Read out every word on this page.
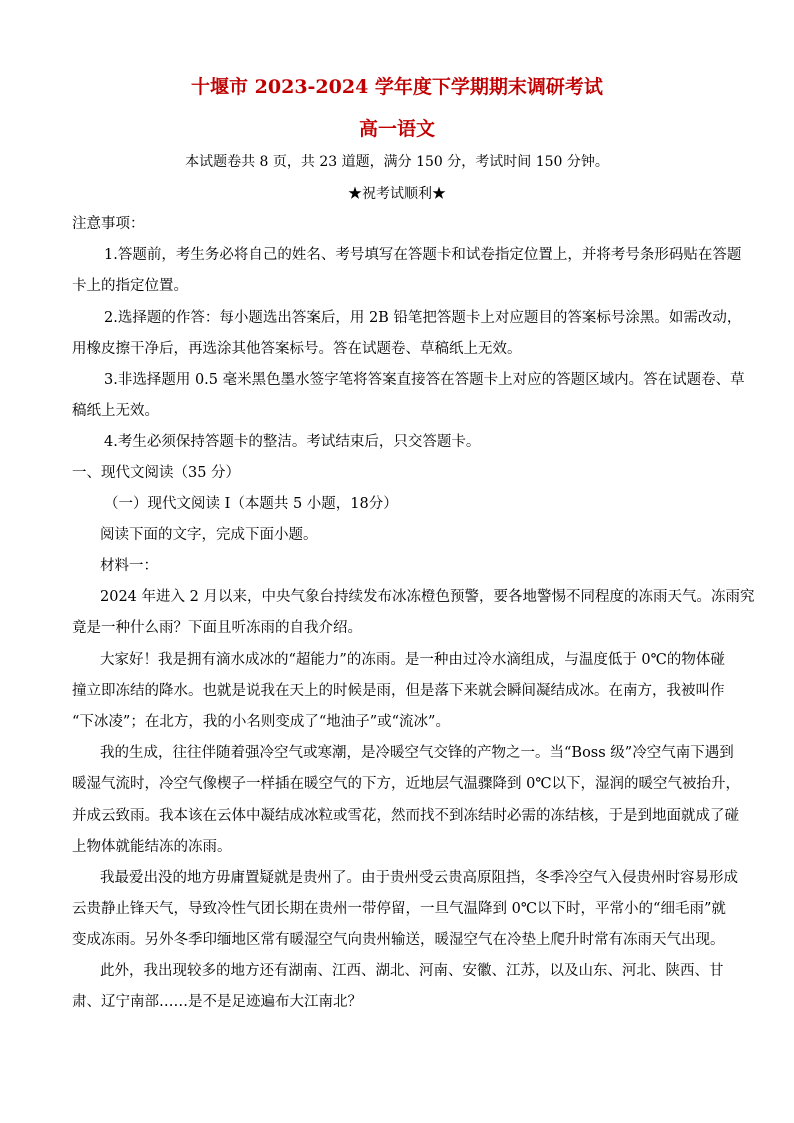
十堰市 2023-2024 学年度下学期期末调研考试
高一语文
本试题卷共 8 页，共 23 道题，满分 150 分，考试时间 150 分钟。
★祝考试顺利★
注意事项：
1.答题前，考生务必将自己的姓名、考号填写在答题卡和试卷指定位置上，并将考号条形码贴在答题
卡上的指定位置。
2.选择题的作答：每小题选出答案后，用 2B 铅笔把答题卡上对应题目的答案标号涂黑。如需改动，
用橡皮擦干净后，再选涂其他答案标号。答在试题卷、草稿纸上无效。
3.非选择题用 0.5 毫米黑色墨水签字笔将答案直接答在答题卡上对应的答题区域内。答在试题卷、草
稿纸上无效。
4.考生必须保持答题卡的整洁。考试结束后，只交答题卡。
一、现代文阅读（35 分）
（一）现代文阅读 I（本题共 5 小题，18分）
阅读下面的文字，完成下面小题。
材料一：
2024 年进入 2 月以来，中央气象台持续发布冰冻橙色预警，要各地警惕不同程度的冻雨天气。冻雨究
竟是一种什么雨？下面且听冻雨的自我介绍。
大家好！我是拥有滴水成冰的“超能力”的冻雨。是一种由过冷水滴组成，与温度低于 0℃的物体碰
撞立即冻结的降水。也就是说我在天上的时候是雨，但是落下来就会瞬间凝结成冰。在南方，我被叫作
“下冰凌”；在北方，我的小名则变成了“地油子”或“流冰”。
我的生成，往往伴随着强冷空气或寒潮，是冷暖空气交锋的产物之一。当“Boss 级”冷空气南下遇到
暖湿气流时，冷空气像楔子一样插在暖空气的下方，近地层气温骤降到 0℃以下，湿润的暖空气被抬升，
并成云致雨。我本该在云体中凝结成冰粒或雪花，然而找不到冻结时必需的冻结核，于是到地面就成了碰
上物体就能结冻的冻雨。
我最爱出没的地方毋庸置疑就是贵州了。由于贵州受云贵高原阻挡，冬季冷空气入侵贵州时容易形成
云贵静止锋天气，导致冷性气团长期在贵州一带停留，一旦气温降到 0℃以下时，平常小的“细毛雨”就
变成冻雨。另外冬季印缅地区常有暖湿空气向贵州输送，暖湿空气在冷垫上爬升时常有冻雨天气出现。
此外，我出现较多的地方还有湖南、江西、湖北、河南、安徽、江苏，以及山东、河北、陕西、甘
肃、辽宁南部……是不是足迹遍布大江南北？
